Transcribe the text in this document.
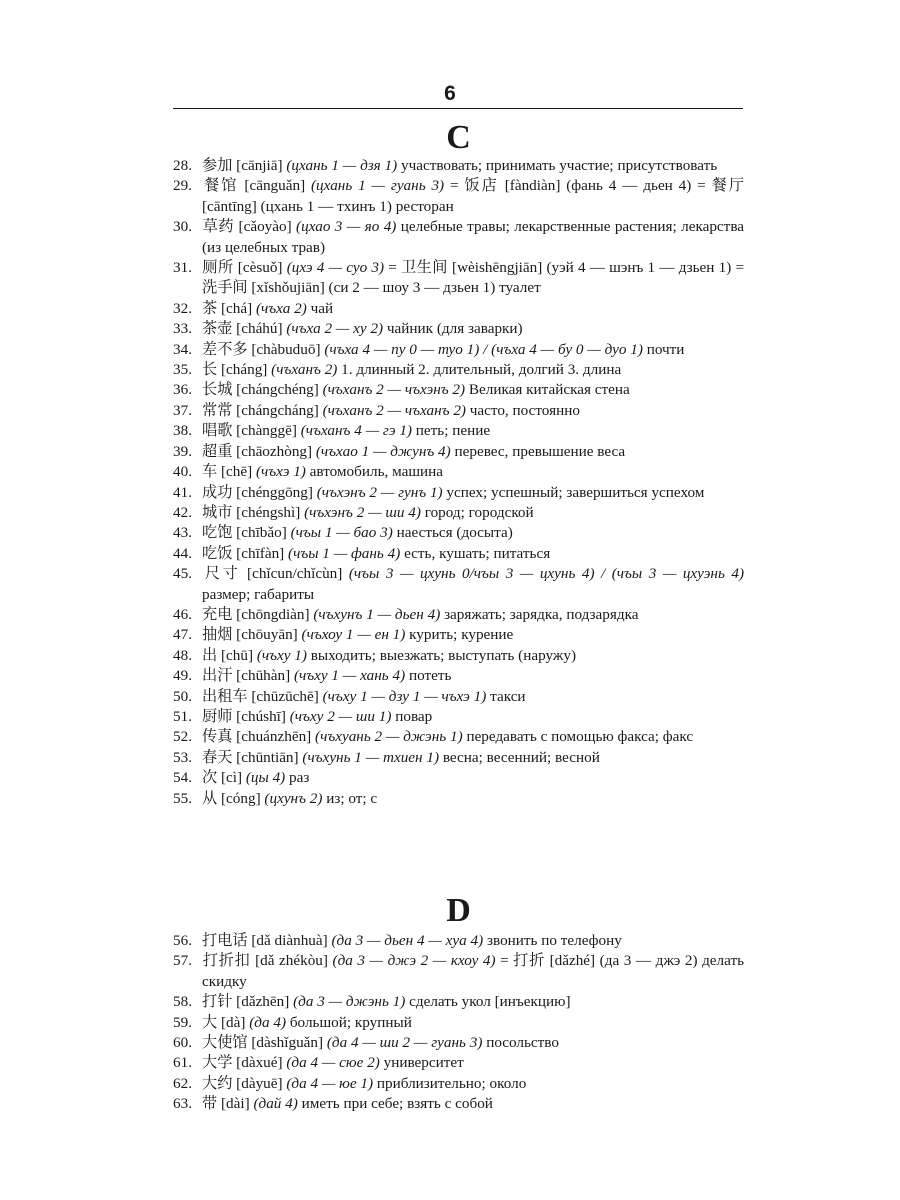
6
C
28. 参加 [cānjiā] (цхань 1 — дзя 1) участвовать; принимать участие; присутствовать
29. 餐馆 [cānguǎn] (цхань 1 — гуань 3) = 饭店 [fàndiàn] (фань 4 — дьен 4) = 餐厅 [cāntīng] (цхань 1 — тхинъ 1) ресторан
30. 草药 [cǎoyào] (цхао 3 — яо 4) целебные травы; лекарственные растения; лекарства (из целебных трав)
31. 厕所 [cèsuǒ] (цхэ 4 — суо 3) = 卫生间 [wèishēngjiān] (уэй 4 — шэнъ 1 — дзьен 1) = 洗手间 [xǐshǒujiān] (си 2 — шоу 3 — дзьен 1) туалет
32. 茶 [chá] (чъха 2) чай
33. 茶壶 [cháhú] (чъха 2 — ху 2) чайник (для заварки)
34. 差不多 [chàbuduō] (чъха 4 — пу 0 — туо 1) / (чъха 4 — бу 0 — дуо 1) почти
35. 长 [cháng] (чъханъ 2) 1. длинный 2. длительный, долгий 3. длина
36. 长城 [chángchéng] (чъханъ 2 — чъхэнъ 2) Великая китайская стена
37. 常常 [chángcháng] (чъханъ 2 — чъханъ 2) часто, постоянно
38. 唱歌 [chànggē] (чъханъ 4 — гэ 1) петь; пение
39. 超重 [chāozhòng] (чъхао 1 — джунъ 4) перевес, превышение веса
40. 车 [chē] (чъхэ 1) автомобиль, машина
41. 成功 [chénggōng] (чъхэнъ 2 — гунъ 1) успех; успешный; завершиться успехом
42. 城市 [chéngshì] (чъхэнъ 2 — ши 4) город; городской
43. 吃饱 [chībǎo] (чъы 1 — бао 3) наесться (досыта)
44. 吃饭 [chīfàn] (чъы 1 — фань 4) есть, кушать; питаться
45. 尺寸 [chǐcun/chǐcùn] (чъы 3 — цхунь 0/чъы 3 — цхунь 4) / (чъы 3 — цхуэнь 4) размер; габариты
46. 充电 [chōngdiàn] (чъхунъ 1 — дьен 4) заряжать; зарядка, подзарядка
47. 抽烟 [chōuyān] (чъхоу 1 — ен 1) курить; курение
48. 出 [chū] (чъху 1) выходить; выезжать; выступать (наружу)
49. 出汗 [chūhàn] (чъху 1 — хань 4) потеть
50. 出租车 [chūzūchē] (чъху 1 — дзу 1 — чъхэ 1) такси
51. 厨师 [chúshī] (чъху 2 — ши 1) повар
52. 传真 [chuánzhēn] (чъхуань 2 — джэнь 1) передавать с помощью факса; факс
53. 春天 [chūntiān] (чъхунь 1 — тхиен 1) весна; весенний; весной
54. 次 [cì] (цы 4) раз
55. 从 [cóng] (цхунъ 2) из; от; с
D
56. 打电话 [dǎ diànhuà] (да 3 — дьен 4 — хуа 4) звонить по телефону
57. 打折扣 [dǎ zhékòu] (да 3 — джэ 2 — кхоу 4) = 打折 [dǎzhé] (да 3 — джэ 2) делать скидку
58. 打针 [dǎzhēn] (да 3 — джэнь 1) сделать укол [инъекцию]
59. 大 [dà] (да 4) большой; крупный
60. 大使馆 [dàshǐguǎn] (да 4 — ши 2 — гуань 3) посольство
61. 大学 [dàxué] (да 4 — сюе 2) университет
62. 大约 [dàyuē] (да 4 — юе 1) приблизительно; около
63. 带 [dài] (дай 4) иметь при себе; взять с собой
